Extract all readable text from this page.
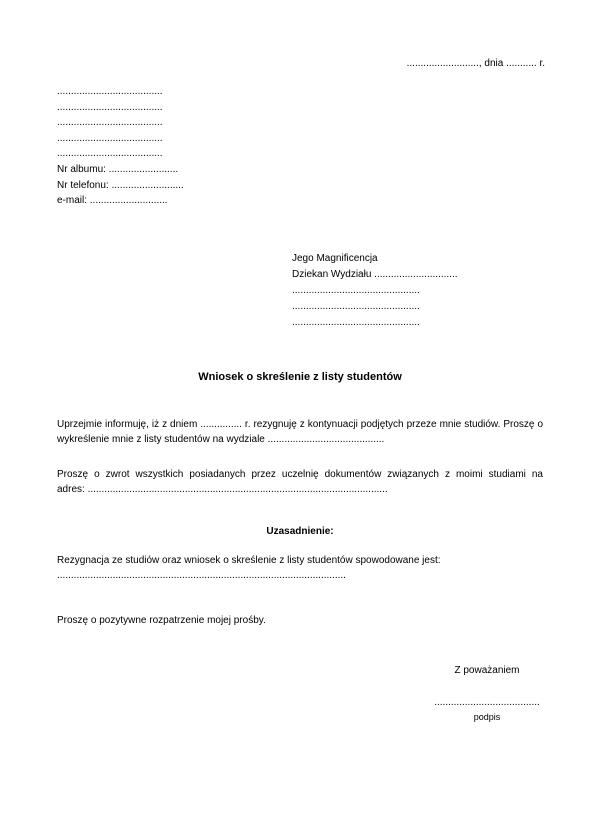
.........................., dnia ........... r.
......................................
......................................
......................................
......................................
......................................
Nr albumu: .........................
Nr telefonu: ..........................
e-mail: ............................
Jego Magnificencja
Dziekan Wydziału ..............................
..............................................
..............................................
..............................................
Wniosek o skreślenie z listy studentów
Uprzejmie informuję, iż z dniem ............... r. rezygnuję z kontynuacji podjętych przeze mnie studiów. Proszę o
wykreślenie mnie z listy studentów na wydziale ..........................................
Proszę o zwrot wszystkich posiadanych przez uczelnię dokumentów związanych z moimi studiami na
adres: ............................................................................................................
Uzasadnienie:
Rezygnacja ze studiów oraz wniosek o skreślenie z listy studentów spowodowane jest:
........................................................................................................
Proszę o pozytywne rozpatrzenie mojej prośby.
Z poważaniem
......................................
podpis
